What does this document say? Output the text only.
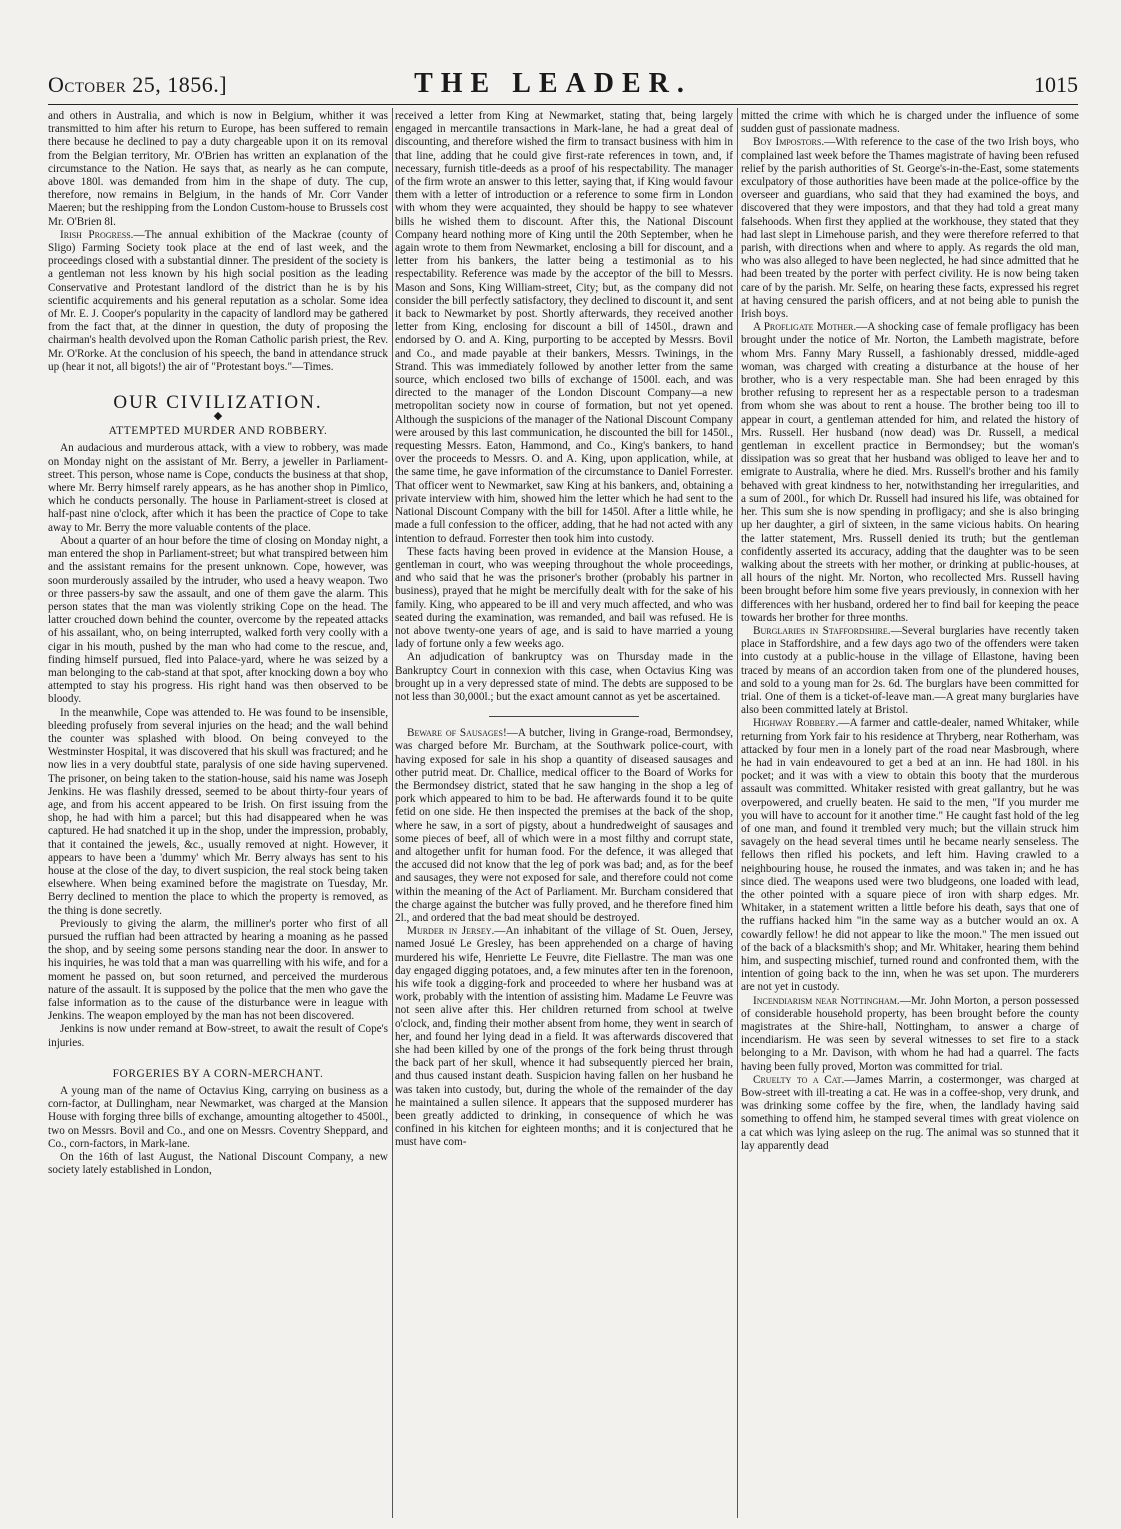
October 25, 1856.]	THE LEADER.	1015

and others in Australia, and which is now in Belgium, whither it was transmitted to him after his return to Europe, has been suffered to remain there because he declined to pay a duty chargeable upon it on its removal from the Belgian territory, Mr. O'Brien has written an explanation of the circumstance to the Nation. He says that, as nearly as he can compute, above 180l. was demanded from him in the shape of duty. The cup, therefore, now remains in Belgium, in the hands of Mr. Corr Vander Maeren; but the reshipping from the London Custom-house to Brussels cost Mr. O'Brien 8l.

Irish Progress.—The annual exhibition of the Mackrae (county of Sligo) Farming Society took place at the end of last week, and the proceedings closed with a substantial dinner. The president of the society is a gentleman not less known by his high social position as the leading Conservative and Protestant landlord of the district than he is by his scientific acquirements and his general reputation as a scholar. Some idea of Mr. E. J. Cooper's popularity in the capacity of landlord may be gathered from the fact that, at the dinner in question, the duty of proposing the chairman's health devolved upon the Roman Catholic parish priest, the Rev. Mr. O'Rorke. At the conclusion of his speech, the band in attendance struck up (hear it not, all bigots!) the air of "Protestant boys."—Times.

OUR CIVILIZATION.
◆
ATTEMPTED MURDER AND ROBBERY.

An audacious and murderous attack, with a view to robbery, was made on Monday night on the assistant of Mr. Berry, a jeweller in Parliament-street. This person, whose name is Cope, conducts the business at that shop, where Mr. Berry himself rarely appears, as he has another shop in Pimlico, which he conducts personally. The house in Parliament-street is closed at half-past nine o'clock, after which it has been the practice of Cope to take away to Mr. Berry the more valuable contents of the place.

About a quarter of an hour before the time of closing on Monday night, a man entered the shop in Parliament-street; but what transpired between him and the assistant remains for the present unknown. Cope, however, was soon murderously assailed by the intruder, who used a heavy weapon. Two or three passers-by saw the assault, and one of them gave the alarm. This person states that the man was violently striking Cope on the head. The latter crouched down behind the counter, overcome by the repeated attacks of his assailant, who, on being interrupted, walked forth very coolly with a cigar in his mouth, pushed by the man who had come to the rescue, and, finding himself pursued, fled into Palace-yard, where he was seized by a man belonging to the cab-stand at that spot, after knocking down a boy who attempted to stay his progress. His right hand was then observed to be bloody.

In the meanwhile, Cope was attended to. He was found to be insensible, bleeding profusely from several injuries on the head; and the wall behind the counter was splashed with blood. On being conveyed to the Westminster Hospital, it was discovered that his skull was fractured; and he now lies in a very doubtful state, paralysis of one side having supervened. The prisoner, on being taken to the station-house, said his name was Joseph Jenkins. He was flashily dressed, seemed to be about thirty-four years of age, and from his accent appeared to be Irish. On first issuing from the shop, he had with him a parcel; but this had disappeared when he was captured. He had snatched it up in the shop, under the impression, probably, that it contained the jewels, &c., usually removed at night. However, it appears to have been a 'dummy' which Mr. Berry always has sent to his house at the close of the day, to divert suspicion, the real stock being taken elsewhere. When being examined before the magistrate on Tuesday, Mr. Berry declined to mention the place to which the property is removed, as the thing is done secretly.

Previously to giving the alarm, the milliner's porter who first of all pursued the ruffian had been attracted by hearing a moaning as he passed the shop, and by seeing some persons standing near the door. In answer to his inquiries, he was told that a man was quarrelling with his wife, and for a moment he passed on, but soon returned, and perceived the murderous nature of the assault. It is supposed by the police that the men who gave the false information as to the cause of the disturbance were in league with Jenkins. The weapon employed by the man has not been discovered.

Jenkins is now under remand at Bow-street, to await the result of Cope's injuries.

FORGERIES BY A CORN-MERCHANT.

A young man of the name of Octavius King, carrying on business as a corn-factor, at Dullingham, near Newmarket, was charged at the Mansion House with forging three bills of exchange, amounting altogether to 4500l., two on Messrs. Bovil and Co., and one on Messrs. Coventry Sheppard, and Co., corn-factors, in Mark-lane.

On the 16th of last August, the National Discount Company, a new society lately established in London,

received a letter from King at Newmarket, stating that, being largely engaged in mercantile transactions in Mark-lane, he had a great deal of discounting, and therefore wished the firm to transact business with him in that line, adding that he could give first-rate references in town, and, if necessary, furnish title-deeds as a proof of his respectability. The manager of the firm wrote an answer to this letter, saying that, if King would favour them with a letter of introduction or a reference to some firm in London with whom they were acquainted, they should be happy to see whatever bills he wished them to discount. After this, the National Discount Company heard nothing more of King until the 20th September, when he again wrote to them from Newmarket, enclosing a bill for discount, and a letter from his bankers, the latter being a testimonial as to his respectability. Reference was made by the acceptor of the bill to Messrs. Mason and Sons, King William-street, City; but, as the company did not consider the bill perfectly satisfactory, they declined to discount it, and sent it back to Newmarket by post. Shortly afterwards, they received another letter from King, enclosing for discount a bill of 1450l., drawn and endorsed by O. and A. King, purporting to be accepted by Messrs. Bovil and Co., and made payable at their bankers, Messrs. Twinings, in the Strand. This was immediately followed by another letter from the same source, which enclosed two bills of exchange of 1500l. each, and was directed to the manager of the London Discount Company—a new metropolitan society now in course of formation, but not yet opened. Although the suspicions of the manager of the National Discount Company were aroused by this last communication, he discounted the bill for 1450l., requesting Messrs. Eaton, Hammond, and Co., King's bankers, to hand over the proceeds to Messrs. O. and A. King, upon application, while, at the same time, he gave information of the circumstance to Daniel Forrester. That officer went to Newmarket, saw King at his bankers, and, obtaining a private interview with him, showed him the letter which he had sent to the National Discount Company with the bill for 1450l. After a little while, he made a full confession to the officer, adding, that he had not acted with any intention to defraud. Forrester then took him into custody.

These facts having been proved in evidence at the Mansion House, a gentleman in court, who was weeping throughout the whole proceedings, and who said that he was the prisoner's brother (probably his partner in business), prayed that he might be mercifully dealt with for the sake of his family. King, who appeared to be ill and very much affected, and who was seated during the examination, was remanded, and bail was refused. He is not above twenty-one years of age, and is said to have married a young lady of fortune only a few weeks ago.

An adjudication of bankruptcy was on Thursday made in the Bankruptcy Court in connexion with this case, when Octavius King was brought up in a very depressed state of mind. The debts are supposed to be not less than 30,000l.; but the exact amount cannot as yet be ascertained.

Beware of Sausages!—A butcher, living in Grange-road, Bermondsey, was charged before Mr. Burcham, at the Southwark police-court, with having exposed for sale in his shop a quantity of diseased sausages and other putrid meat. Dr. Challice, medical officer to the Board of Works for the Bermondsey district, stated that he saw hanging in the shop a leg of pork which appeared to him to be bad. He afterwards found it to be quite fetid on one side. He then inspected the premises at the back of the shop, where he saw, in a sort of pigsty, about a hundredweight of sausages and some pieces of beef, all of which were in a most filthy and corrupt state, and altogether unfit for human food. For the defence, it was alleged that the accused did not know that the leg of pork was bad; and, as for the beef and sausages, they were not exposed for sale, and therefore could not come within the meaning of the Act of Parliament. Mr. Burcham considered that the charge against the butcher was fully proved, and he therefore fined him 2l., and ordered that the bad meat should be destroyed.

Murder in Jersey.—An inhabitant of the village of St. Ouen, Jersey, named Josué Le Gresley, has been apprehended on a charge of having murdered his wife, Henriette Le Feuvre, dite Fiellastre. The man was one day engaged digging potatoes, and, a few minutes after ten in the forenoon, his wife took a digging-fork and proceeded to where her husband was at work, probably with the intention of assisting him. Madame Le Feuvre was not seen alive after this. Her children returned from school at twelve o'clock, and, finding their mother absent from home, they went in search of her, and found her lying dead in a field. It was afterwards discovered that she had been killed by one of the prongs of the fork being thrust through the back part of her skull, whence it had subsequently pierced her brain, and thus caused instant death. Suspicion having fallen on her husband he was taken into custody, but, during the whole of the remainder of the day he maintained a sullen silence. It appears that the supposed murderer has been greatly addicted to drinking, in consequence of which he was confined in his kitchen for eighteen months; and it is conjectured that he must have com-

mitted the crime with which he is charged under the influence of some sudden gust of passionate madness.

Boy Impostors.—With reference to the case of the two Irish boys, who complained last week before the Thames magistrate of having been refused relief by the parish authorities of St. George's-in-the-East, some statements exculpatory of those authorities have been made at the police-office by the overseer and guardians, who said that they had examined the boys, and discovered that they were impostors, and that they had told a great many falsehoods. When first they applied at the workhouse, they stated that they had last slept in Limehouse parish, and they were therefore referred to that parish, with directions when and where to apply. As regards the old man, who was also alleged to have been neglected, he had since admitted that he had been treated by the porter with perfect civility. He is now being taken care of by the parish. Mr. Selfe, on hearing these facts, expressed his regret at having censured the parish officers, and at not being able to punish the Irish boys.

A Profligate Mother.—A shocking case of female profligacy has been brought under the notice of Mr. Norton, the Lambeth magistrate, before whom Mrs. Fanny Mary Russell, a fashionably dressed, middle-aged woman, was charged with creating a disturbance at the house of her brother, who is a very respectable man. She had been enraged by this brother refusing to represent her as a respectable person to a tradesman from whom she was about to rent a house. The brother being too ill to appear in court, a gentleman attended for him, and related the history of Mrs. Russell. Her husband (now dead) was Dr. Russell, a medical gentleman in excellent practice in Bermondsey; but the woman's dissipation was so great that her husband was obliged to leave her and to emigrate to Australia, where he died. Mrs. Russell's brother and his family behaved with great kindness to her, notwithstanding her irregularities, and a sum of 200l., for which Dr. Russell had insured his life, was obtained for her. This sum she is now spending in profligacy; and she is also bringing up her daughter, a girl of sixteen, in the same vicious habits. On hearing the latter statement, Mrs. Russell denied its truth; but the gentleman confidently asserted its accuracy, adding that the daughter was to be seen walking about the streets with her mother, or drinking at public-houses, at all hours of the night. Mr. Norton, who recollected Mrs. Russell having been brought before him some five years previously, in connexion with her differences with her husband, ordered her to find bail for keeping the peace towards her brother for three months.

Burglaries in Staffordshire.—Several burglaries have recently taken place in Staffordshire, and a few days ago two of the offenders were taken into custody at a public-house in the village of Ellastone, having been traced by means of an accordion taken from one of the plundered houses, and sold to a young man for 2s. 6d. The burglars have been committed for trial. One of them is a ticket-of-leave man.—A great many burglaries have also been committed lately at Bristol.

Highway Robbery.—A farmer and cattle-dealer, named Whitaker, while returning from York fair to his residence at Thryberg, near Rotherham, was attacked by four men in a lonely part of the road near Masbrough, where he had in vain endeavoured to get a bed at an inn. He had 180l. in his pocket; and it was with a view to obtain this booty that the murderous assault was committed. Whitaker resisted with great gallantry, but he was overpowered, and cruelly beaten. He said to the men, "If you murder me you will have to account for it another time." He caught fast hold of the leg of one man, and found it trembled very much; but the villain struck him savagely on the head several times until he became nearly senseless. The fellows then rifled his pockets, and left him. Having crawled to a neighbouring house, he roused the inmates, and was taken in; and he has since died. The weapons used were two bludgeons, one loaded with lead, the other pointed with a square piece of iron with sharp edges. Mr. Whitaker, in a statement written a little before his death, says that one of the ruffians hacked him "in the same way as a butcher would an ox. A cowardly fellow! he did not appear to like the moon." The men issued out of the back of a blacksmith's shop; and Mr. Whitaker, hearing them behind him, and suspecting mischief, turned round and confronted them, with the intention of going back to the inn, when he was set upon. The murderers are not yet in custody.

Incendiarism near Nottingham.—Mr. John Morton, a person possessed of considerable household property, has been brought before the county magistrates at the Shire-hall, Nottingham, to answer a charge of incendiarism. He was seen by several witnesses to set fire to a stack belonging to a Mr. Davison, with whom he had had a quarrel. The facts having been fully proved, Morton was committed for trial.

Cruelty to a Cat.—James Marrin, a costermonger, was charged at Bow-street with ill-treating a cat. He was in a coffee-shop, very drunk, and was drinking some coffee by the fire, when, the landlady having said something to offend him, he stamped several times with great violence on a cat which was lying asleep on the rug. The animal was so stunned that it lay apparently dead
